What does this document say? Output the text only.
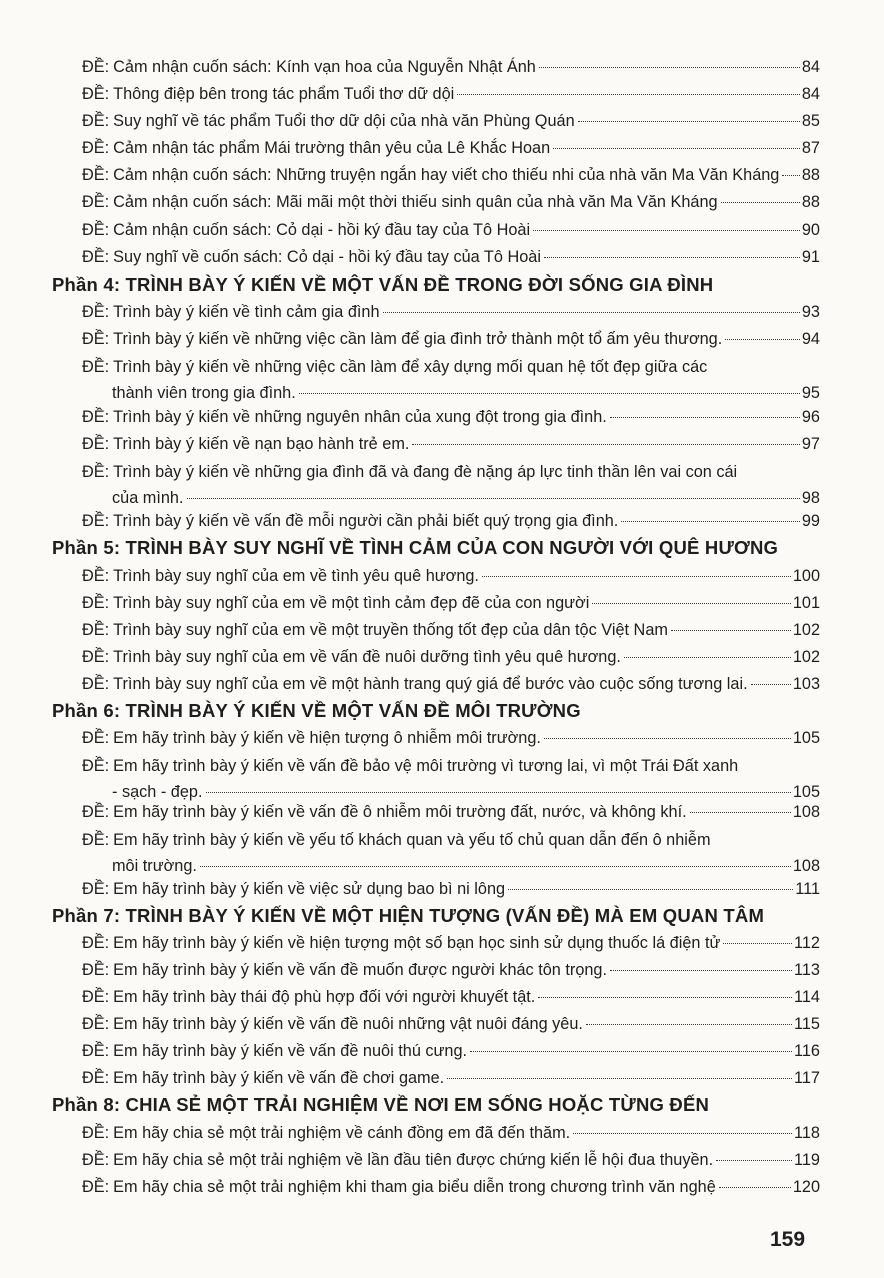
ĐỀ: Cảm nhận cuốn sách: Kính vạn hoa của Nguyễn Nhật Ánh	84
ĐỀ: Thông điệp bên trong tác phẩm Tuổi thơ dữ dội	84
ĐỀ: Suy nghĩ về tác phẩm Tuổi thơ dữ dội của nhà văn Phùng Quán	85
ĐỀ: Cảm nhận tác phẩm Mái trường thân yêu của Lê Khắc Hoan	87
ĐỀ: Cảm nhận cuốn sách: Những truyện ngắn hay viết cho thiếu nhi của nhà văn Ma Văn Kháng 88
ĐỀ: Cảm nhận cuốn sách: Mãi mãi một thời thiếu sinh quân của nhà văn Ma Văn Kháng	88
ĐỀ: Cảm nhận cuốn sách: Cỏ dại - hồi ký đầu tay của Tô Hoài	90
ĐỀ: Suy nghĩ về cuốn sách: Cỏ dại - hồi ký đầu tay của Tô Hoài	91
Phần 4: TRÌNH BÀY Ý KIẾN VỀ MỘT VẤN ĐỀ TRONG ĐỜI SỐNG GIA ĐÌNH
ĐỀ: Trình bày ý kiến về tình cảm gia đình	93
ĐỀ: Trình bày ý kiến về những việc cần làm để gia đình trở thành một tổ ấm yêu thương.	94
ĐỀ: Trình bày ý kiến về những việc cần làm để xây dựng mối quan hệ tốt đẹp giữa các
thành viên trong gia đình.	95
ĐỀ: Trình bày ý kiến về những nguyên nhân của xung đột trong gia đình.	96
ĐỀ: Trình bày ý kiến về nạn bạo hành trẻ em.	97
ĐỀ: Trình bày ý kiến về những gia đình đã và đang đè nặng áp lực tinh thần lên vai con cái
của mình.	98
ĐỀ: Trình bày ý kiến về vấn đề mỗi người cần phải biết quý trọng gia đình.	99
Phần 5: TRÌNH BÀY SUY NGHĨ VỀ TÌNH CẢM CỦA CON NGƯỜI VỚI QUÊ HƯƠNG
ĐỀ: Trình bày suy nghĩ của em về tình yêu quê hương.	100
ĐỀ: Trình bày suy nghĩ của em về một tình cảm đẹp đẽ của con người	101
ĐỀ: Trình bày suy nghĩ của em về một truyền thống tốt đẹp của dân tộc Việt Nam	102
ĐỀ: Trình bày suy nghĩ của em về vấn đề nuôi dưỡng tình yêu quê hương.	102
ĐỀ: Trình bày suy nghĩ của em về một hành trang quý giá để bước vào cuộc sống tương lai.	103
Phần 6: TRÌNH BÀY Ý KIẾN VỀ MỘT VẤN ĐỀ MÔI TRƯỜNG
ĐỀ: Em hãy trình bày ý kiến về hiện tượng ô nhiễm môi trường.	105
ĐỀ: Em hãy trình bày ý kiến về vấn đề bảo vệ môi trường vì tương lai, vì một Trái Đất xanh
- sạch - đẹp.	105
ĐỀ: Em hãy trình bày ý kiến về vấn đề ô nhiễm môi trường đất, nước, và không khí.	108
ĐỀ: Em hãy trình bày ý kiến về yếu tố khách quan và yếu tố chủ quan dẫn đến ô nhiễm
môi trường.	108
ĐỀ: Em hãy trình bày ý kiến về việc sử dụng bao bì ni lông	111
Phần 7: TRÌNH BÀY Ý KIẾN VỀ MỘT HIỆN TƯỢNG (VẤN ĐỀ) MÀ EM QUAN TÂM
ĐỀ: Em hãy trình bày ý kiến về hiện tượng một số bạn học sinh sử dụng thuốc lá điện tử	112
ĐỀ: Em hãy trình bày ý kiến về vấn đề muốn được người khác tôn trọng.	113
ĐỀ: Em hãy trình bày thái độ phù hợp đối với người khuyết tật.	114
ĐỀ: Em hãy trình bày ý kiến về vấn đề nuôi những vật nuôi đáng yêu.	115
ĐỀ: Em hãy trình bày ý kiến về vấn đề nuôi thú cưng.	116
ĐỀ: Em hãy trình bày ý kiến về vấn đề chơi game.	117
Phần 8: CHIA SẺ MỘT TRẢI NGHIỆM VỀ NƠI EM SỐNG HOẶC TỪNG ĐẾN
ĐỀ: Em hãy chia sẻ một trải nghiệm về cánh đồng em đã đến thăm.	118
ĐỀ: Em hãy chia sẻ một trải nghiệm về lần đầu tiên được chứng kiến lễ hội đua thuyền.	119
ĐỀ: Em hãy chia sẻ một trải nghiệm khi tham gia biểu diễn trong chương trình văn nghệ	120
159
